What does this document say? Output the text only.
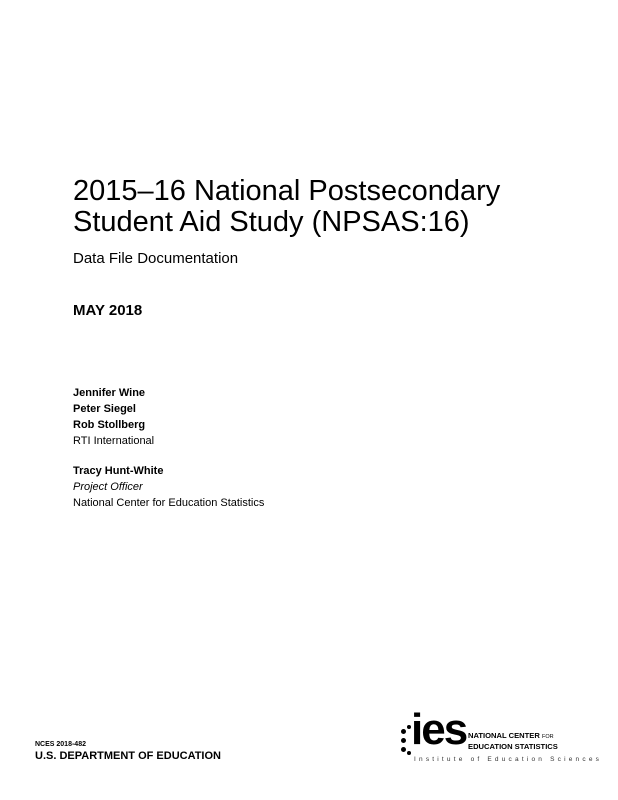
2015–16 National Postsecondary
Student Aid Study (NPSAS:16)

Data File Documentation

MAY 2018

Jennifer Wine
Peter Siegel
Rob Stollberg
RTI International
Tracy Hunt-White
Project Officer
National Center for Education Statistics
NCES 2018-482
U.S. DEPARTMENT OF EDUCATION
ies NATIONAL CENTER FOR
EDUCATION STATISTICS
Institute of Education Sciences
